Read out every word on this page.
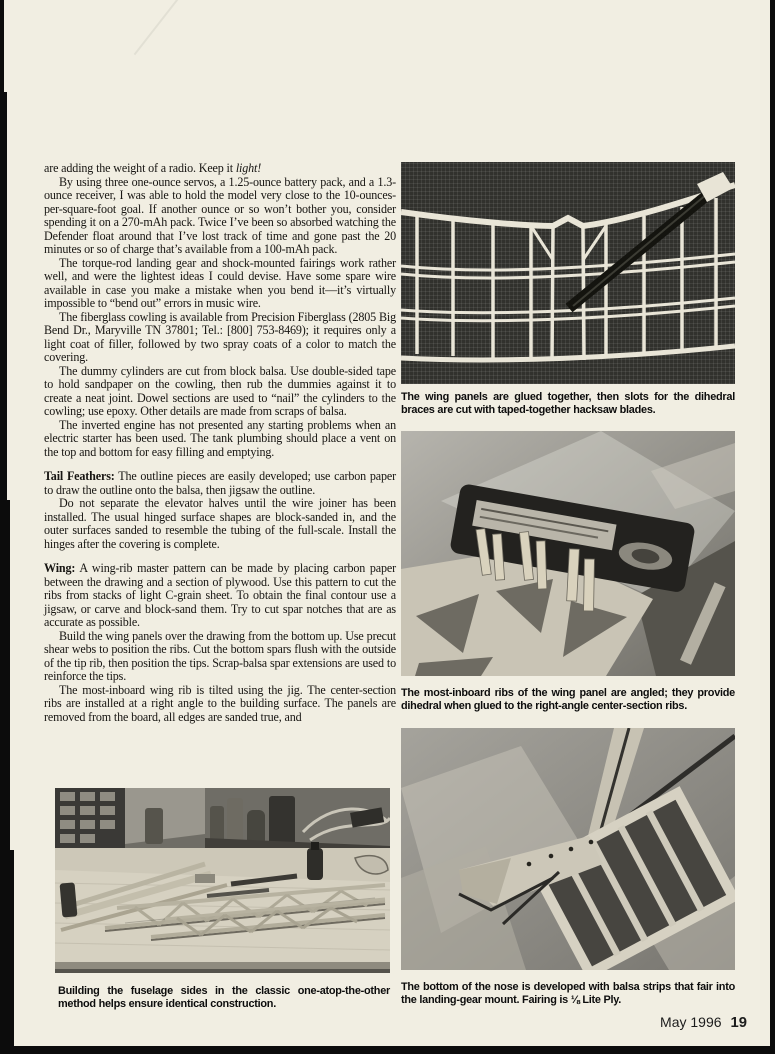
are adding the weight of a radio. Keep it light!

By using three one-ounce servos, a 1.25-ounce battery pack, and a 1.3-ounce receiver, I was able to hold the model very close to the 10-ounces-per-square-foot goal. If another ounce or so won’t bother you, consider spending it on a 270-mAh pack. Twice I’ve been so absorbed watching the Defender float around that I’ve lost track of time and gone past the 20 minutes or so of charge that’s available from a 100-mAh pack.

The torque-rod landing gear and shock-mounted fairings work rather well, and were the lightest ideas I could devise. Have some spare wire available in case you make a mistake when you bend it—it’s virtually impossible to “bend out” errors in music wire.

The fiberglass cowling is available from Precision Fiberglass (2805 Big Bend Dr., Maryville TN 37801; Tel.: [800] 753-8469); it requires only a light coat of filler, followed by two spray coats of a color to match the covering.

The dummy cylinders are cut from block balsa. Use double-sided tape to hold sandpaper on the cowling, then rub the dummies against it to create a neat joint. Dowel sections are used to “nail” the cylinders to the cowling; use epoxy. Other details are made from scraps of balsa.

The inverted engine has not presented any starting problems when an electric starter has been used. The tank plumbing should place a vent on the top and bottom for easy filling and emptying.

Tail Feathers: The outline pieces are easily developed; use carbon paper to draw the outline onto the balsa, then jigsaw the outline.

Do not separate the elevator halves until the wire joiner has been installed. The usual hinged surface shapes are block-sanded in, and the outer surfaces sanded to resemble the tubing of the full-scale. Install the hinges after the covering is complete.

Wing: A wing-rib master pattern can be made by placing carbon paper between the drawing and a section of plywood. Use this pattern to cut the ribs from stacks of light C-grain sheet. To obtain the final contour use a jigsaw, or carve and block-sand them. Try to cut spar notches that are as accurate as possible.

Build the wing panels over the drawing from the bottom up. Use precut shear webs to position the ribs. Cut the bottom spars flush with the outside of the tip rib, then position the tips. Scrap-balsa spar extensions are used to reinforce the tips.

The most-inboard wing rib is tilted using the jig. The center-section ribs are installed at a right angle to the building surface. The panels are removed from the board, all edges are sanded true, and

The wing panels are glued together, then slots for the dihedral braces are cut with taped-together hacksaw blades.
The most-inboard ribs of the wing panel are angled; they provide dihedral when glued to the right-angle center-section ribs.
The bottom of the nose is developed with balsa strips that fair into the landing-gear mount. Fairing is ⅛ Lite Ply.
Building the fuselage sides in the classic one-atop-the-other method helps ensure identical construction.
May 1996 19
